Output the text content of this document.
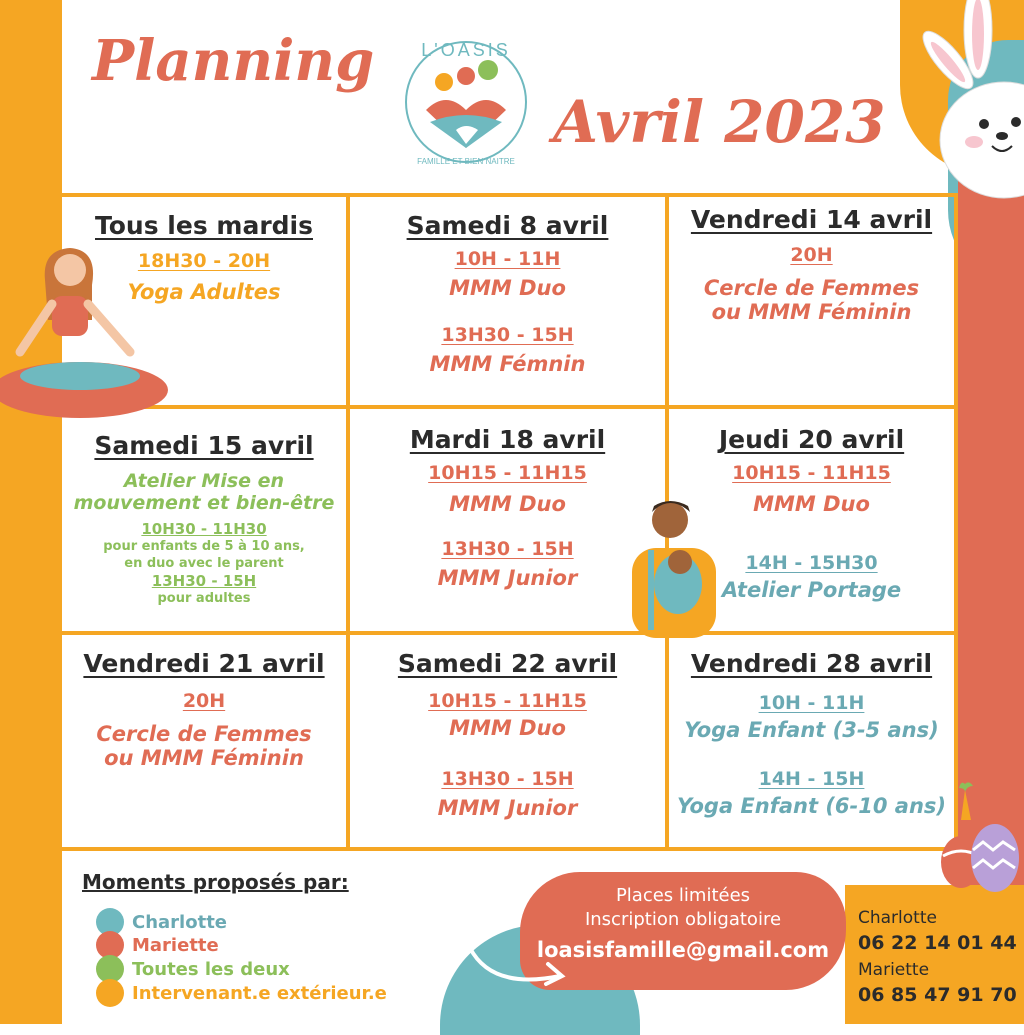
Planning
Avril 2023
L'OASIS
FAMILLE ET BIEN NAITRE

Tous les mardis

18H30 - 20H
Yoga Adultes

Samedi 8 avril

10H - 11H
MMM Duo
13H30 - 15H
MMM Fémnin

Vendredi 14 avril

20H
Cercle de Femmes
ou MMM Féminin

Samedi 15 avril

Atelier Mise en
mouvement et bien-être
10H30 - 11H30
pour enfants de 5 à 10 ans,
en duo avec le parent
13H30 - 15H
pour adultes

Mardi 18 avril

10H15 - 11H15
MMM Duo
13H30 - 15H
MMM Junior

Jeudi 20 avril

10H15 - 11H15
MMM Duo
14H - 15H30
Atelier Portage

Vendredi 21 avril

20H
Cercle de Femmes
ou MMM Féminin

Samedi 22 avril

10H15 - 11H15
MMM Duo
13H30 - 15H
MMM Junior

Vendredi 28 avril

10H - 11H
Yoga Enfant (3-5 ans)
14H - 15H
Yoga Enfant (6-10 ans)
Moments proposés par:
Charlotte
Mariette
Toutes les deux
Intervenant.e extérieur.e
Places limitées
Inscription obligatoire
loasisfamille@gmail.com
Charlotte
06 22 14 01 44
Mariette
06 85 47 91 70
